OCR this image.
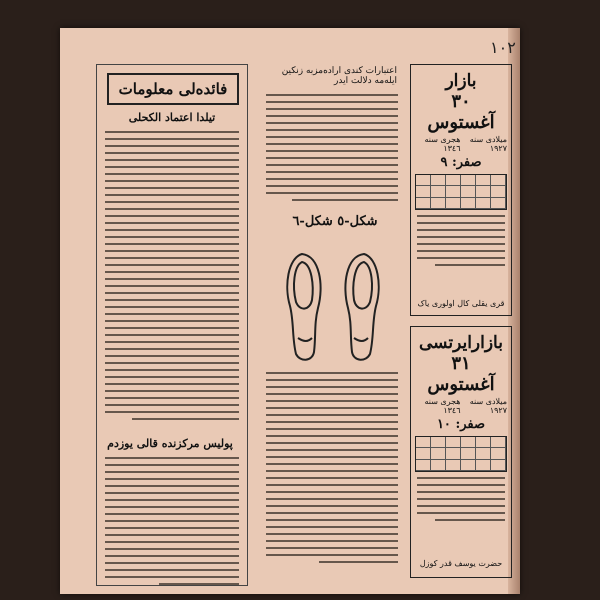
١٠٢
فائدەلی معلومات
تیلدا اعتماد الکحلی
پولیس مرکزندە قالی یوزدم
اعتبارات کندی ارادەمزبە زنکین ایلەمە دلالت ایدر
شکل-٥ شکل-٦
بازار
٣٠
آغستوس
میلادی سنە ١٩٢٧
هجری سنە ١٣٤٦
صفر: ٩
قری یقلی کال اولوری یاک
بازارایرتسی
٣١
آغستوس
میلادی سنە ١٩٢٧
هجری سنە ١٣٤٦
صفر: ١٠
حضرت یوسف قدر کوزل
